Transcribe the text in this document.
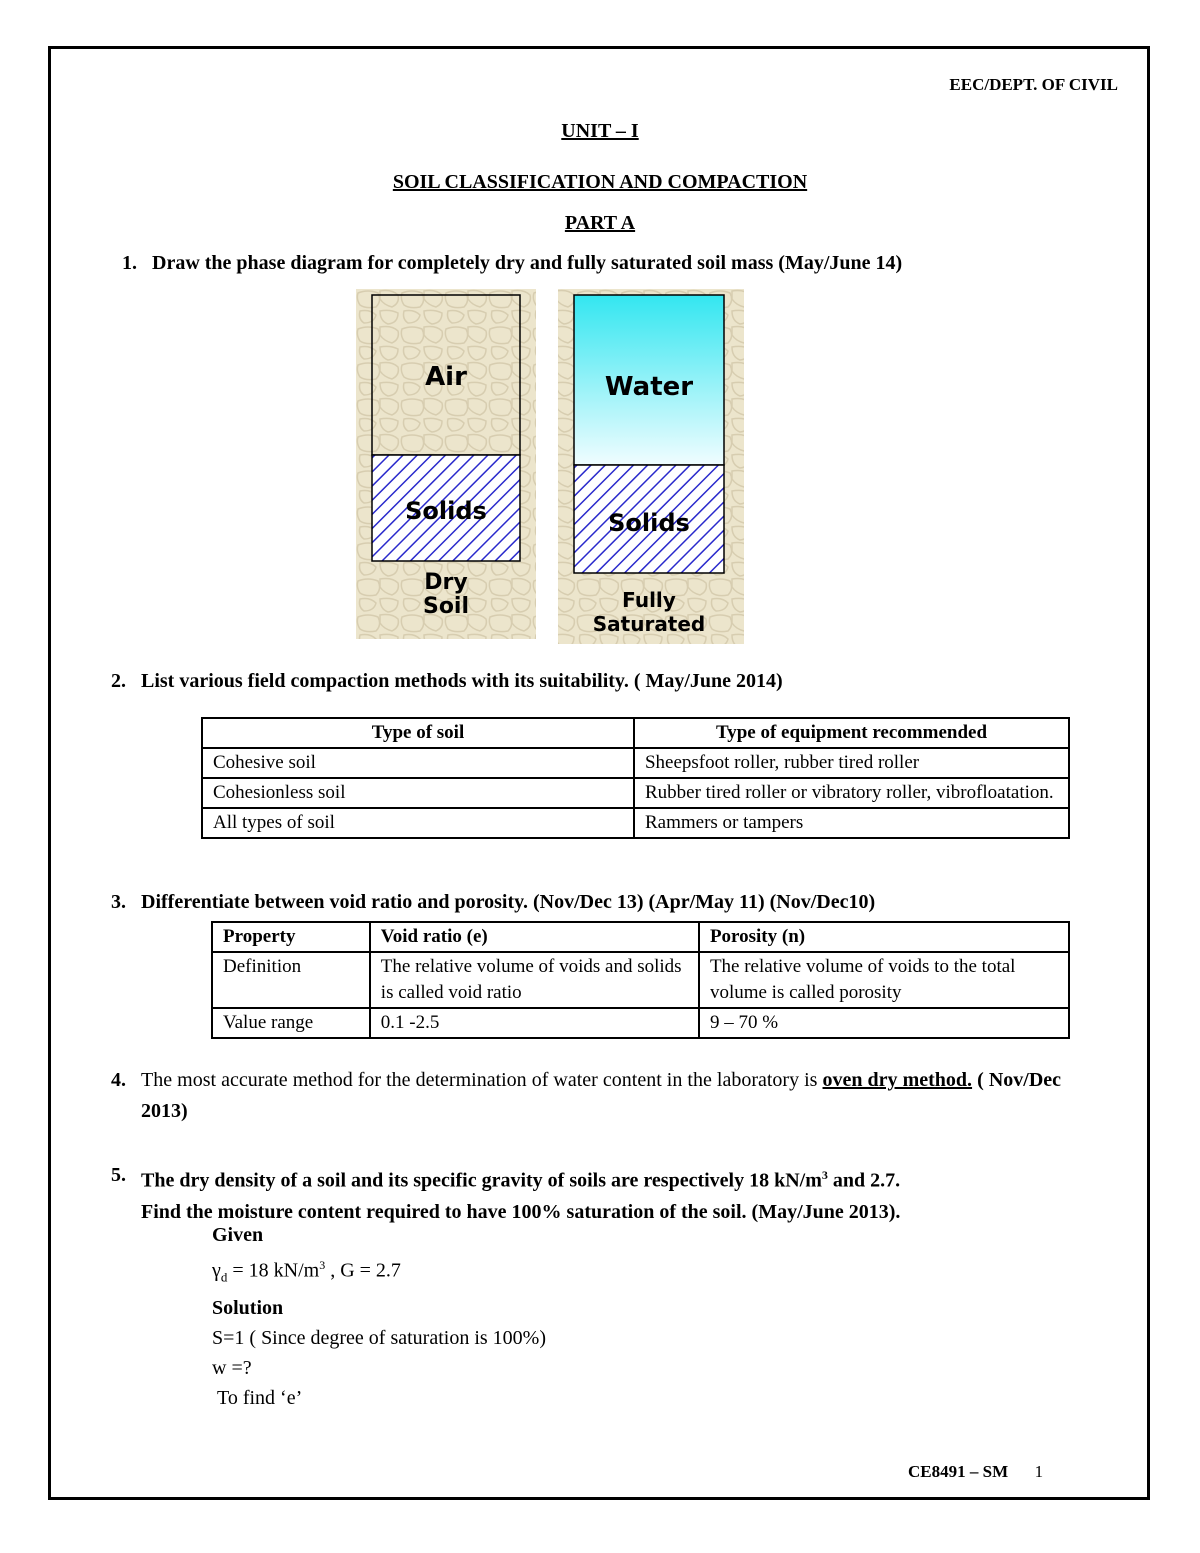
EEC/DEPT. OF CIVIL
UNIT – I
SOIL CLASSIFICATION AND COMPACTION
PART A
1. Draw the phase diagram for completely dry and fully saturated soil mass (May/June 14)
Air
Solids
Dry
Soil
Water
Solids
Fully
Saturated
2. List various field compaction methods with its suitability. ( May/June 2014)
Type of soil	Type of equipment recommended
Cohesive soil	Sheepsfoot roller, rubber tired roller
Cohesionless soil	Rubber tired roller or vibratory roller, vibrofloatation.
All types of soil	Rammers or tampers
3. Differentiate between void ratio and porosity. (Nov/Dec 13) (Apr/May 11) (Nov/Dec10)
Property	Void ratio (e)	Porosity (n)
Definition	The relative volume of voids and solids is called void ratio	The relative volume of voids to the total volume is called porosity
Value range	0.1 -2.5	9 – 70 %
4. The most accurate method for the determination of water content in the laboratory is oven dry method. ( Nov/Dec 2013)
5. The dry density of a soil and its specific gravity of soils are respectively 18 $kN/m^3$ and 2.7.
Find the moisture content required to have 100% saturation of the soil. (May/June 2013).
Given
$\gamma_d = 18$ $kN/m^3$ , G = 2.7
Solution
S=1 ( Since degree of saturation is 100%)
w =?
To find ‘e’
CE8491 – SM 1
